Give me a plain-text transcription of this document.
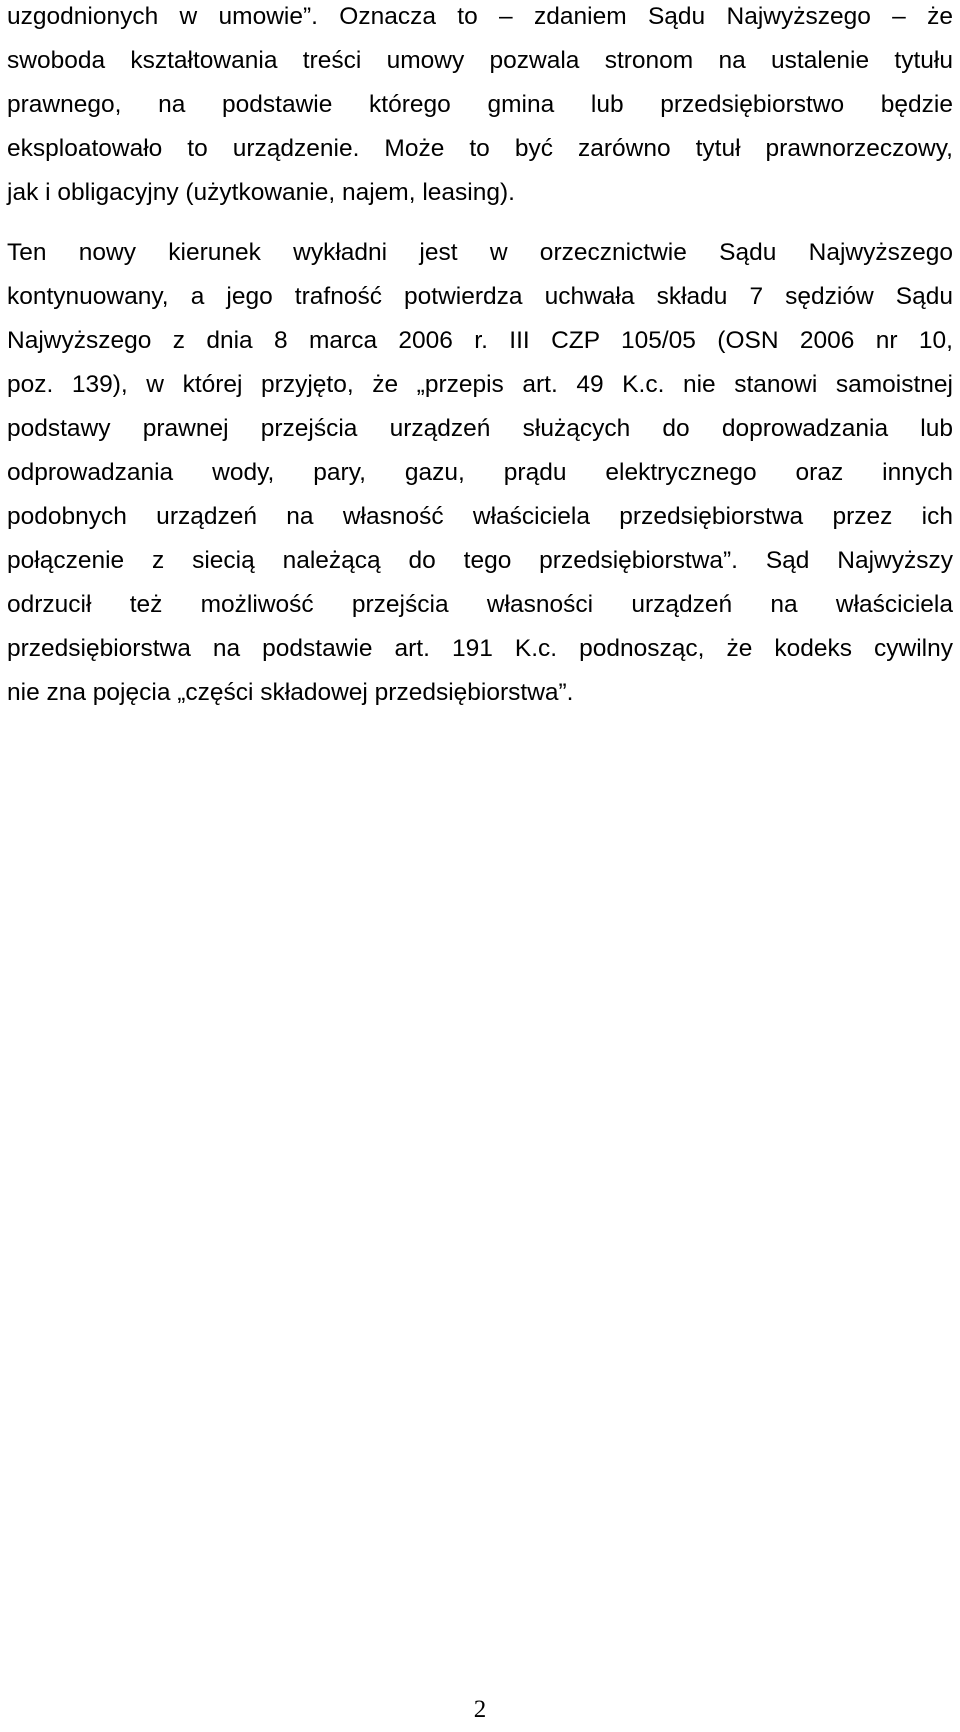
uzgodnionych w umowie”. Oznacza to – zdaniem Sądu Najwyższego – że
swoboda kształtowania treści umowy pozwala stronom na ustalenie tytułu
prawnego, na podstawie którego gmina lub przedsiębiorstwo będzie
eksploatowało to urządzenie. Może to być zarówno tytuł prawnorzeczowy,
jak i obligacyjny (użytkowanie, najem, leasing).
Ten nowy kierunek wykładni jest w orzecznictwie Sądu Najwyższego
kontynuowany, a jego trafność potwierdza uchwała składu 7 sędziów Sądu
Najwyższego z dnia 8 marca 2006 r. III CZP 105/05 (OSN 2006 nr 10,
poz. 139), w której przyjęto, że „przepis art. 49 K.c. nie stanowi samoistnej
podstawy prawnej przejścia urządzeń służących do doprowadzania lub
odprowadzania wody, pary, gazu, prądu elektrycznego oraz innych
podobnych urządzeń na własność właściciela przedsiębiorstwa przez ich
połączenie z siecią należącą do tego przedsiębiorstwa”. Sąd Najwyższy
odrzucił też możliwość przejścia własności urządzeń na właściciela
przedsiębiorstwa na podstawie art. 191 K.c. podnosząc, że kodeks cywilny
nie zna pojęcia „części składowej przedsiębiorstwa”.
2
